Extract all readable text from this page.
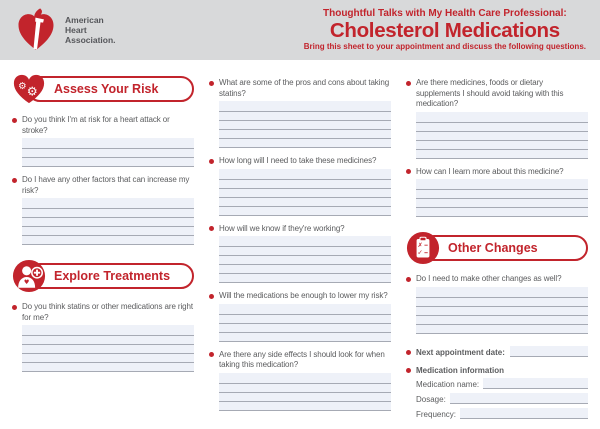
American
Heart
Association.
Thoughtful Talks with My Health Care Professional:
Cholesterol Medications
Bring this sheet to your appointment and discuss the following questions.
⚙ ⚙	Assess Your Risk
Do you think I'm at risk for a heart attack or stroke?
Do I have any other factors that can increase my risk?
♥	Explore Treatments
Do you think statins or other medications are right for me?
What are some of the pros and cons about taking statins?
How long will I need to take these medicines?
How will we know if they're working?
Will the medications be enough to lower my risk?
Are there any side effects I should look for when taking this medication?
Are there medicines, foods or dietary supplements I should avoid taking with this medication?
How can I learn more about this medicine?
✗
✓	Other Changes
Do I need to make other changes as well?
Next appointment date:
Medication information
Medication name:
Dosage:
Frequency:
